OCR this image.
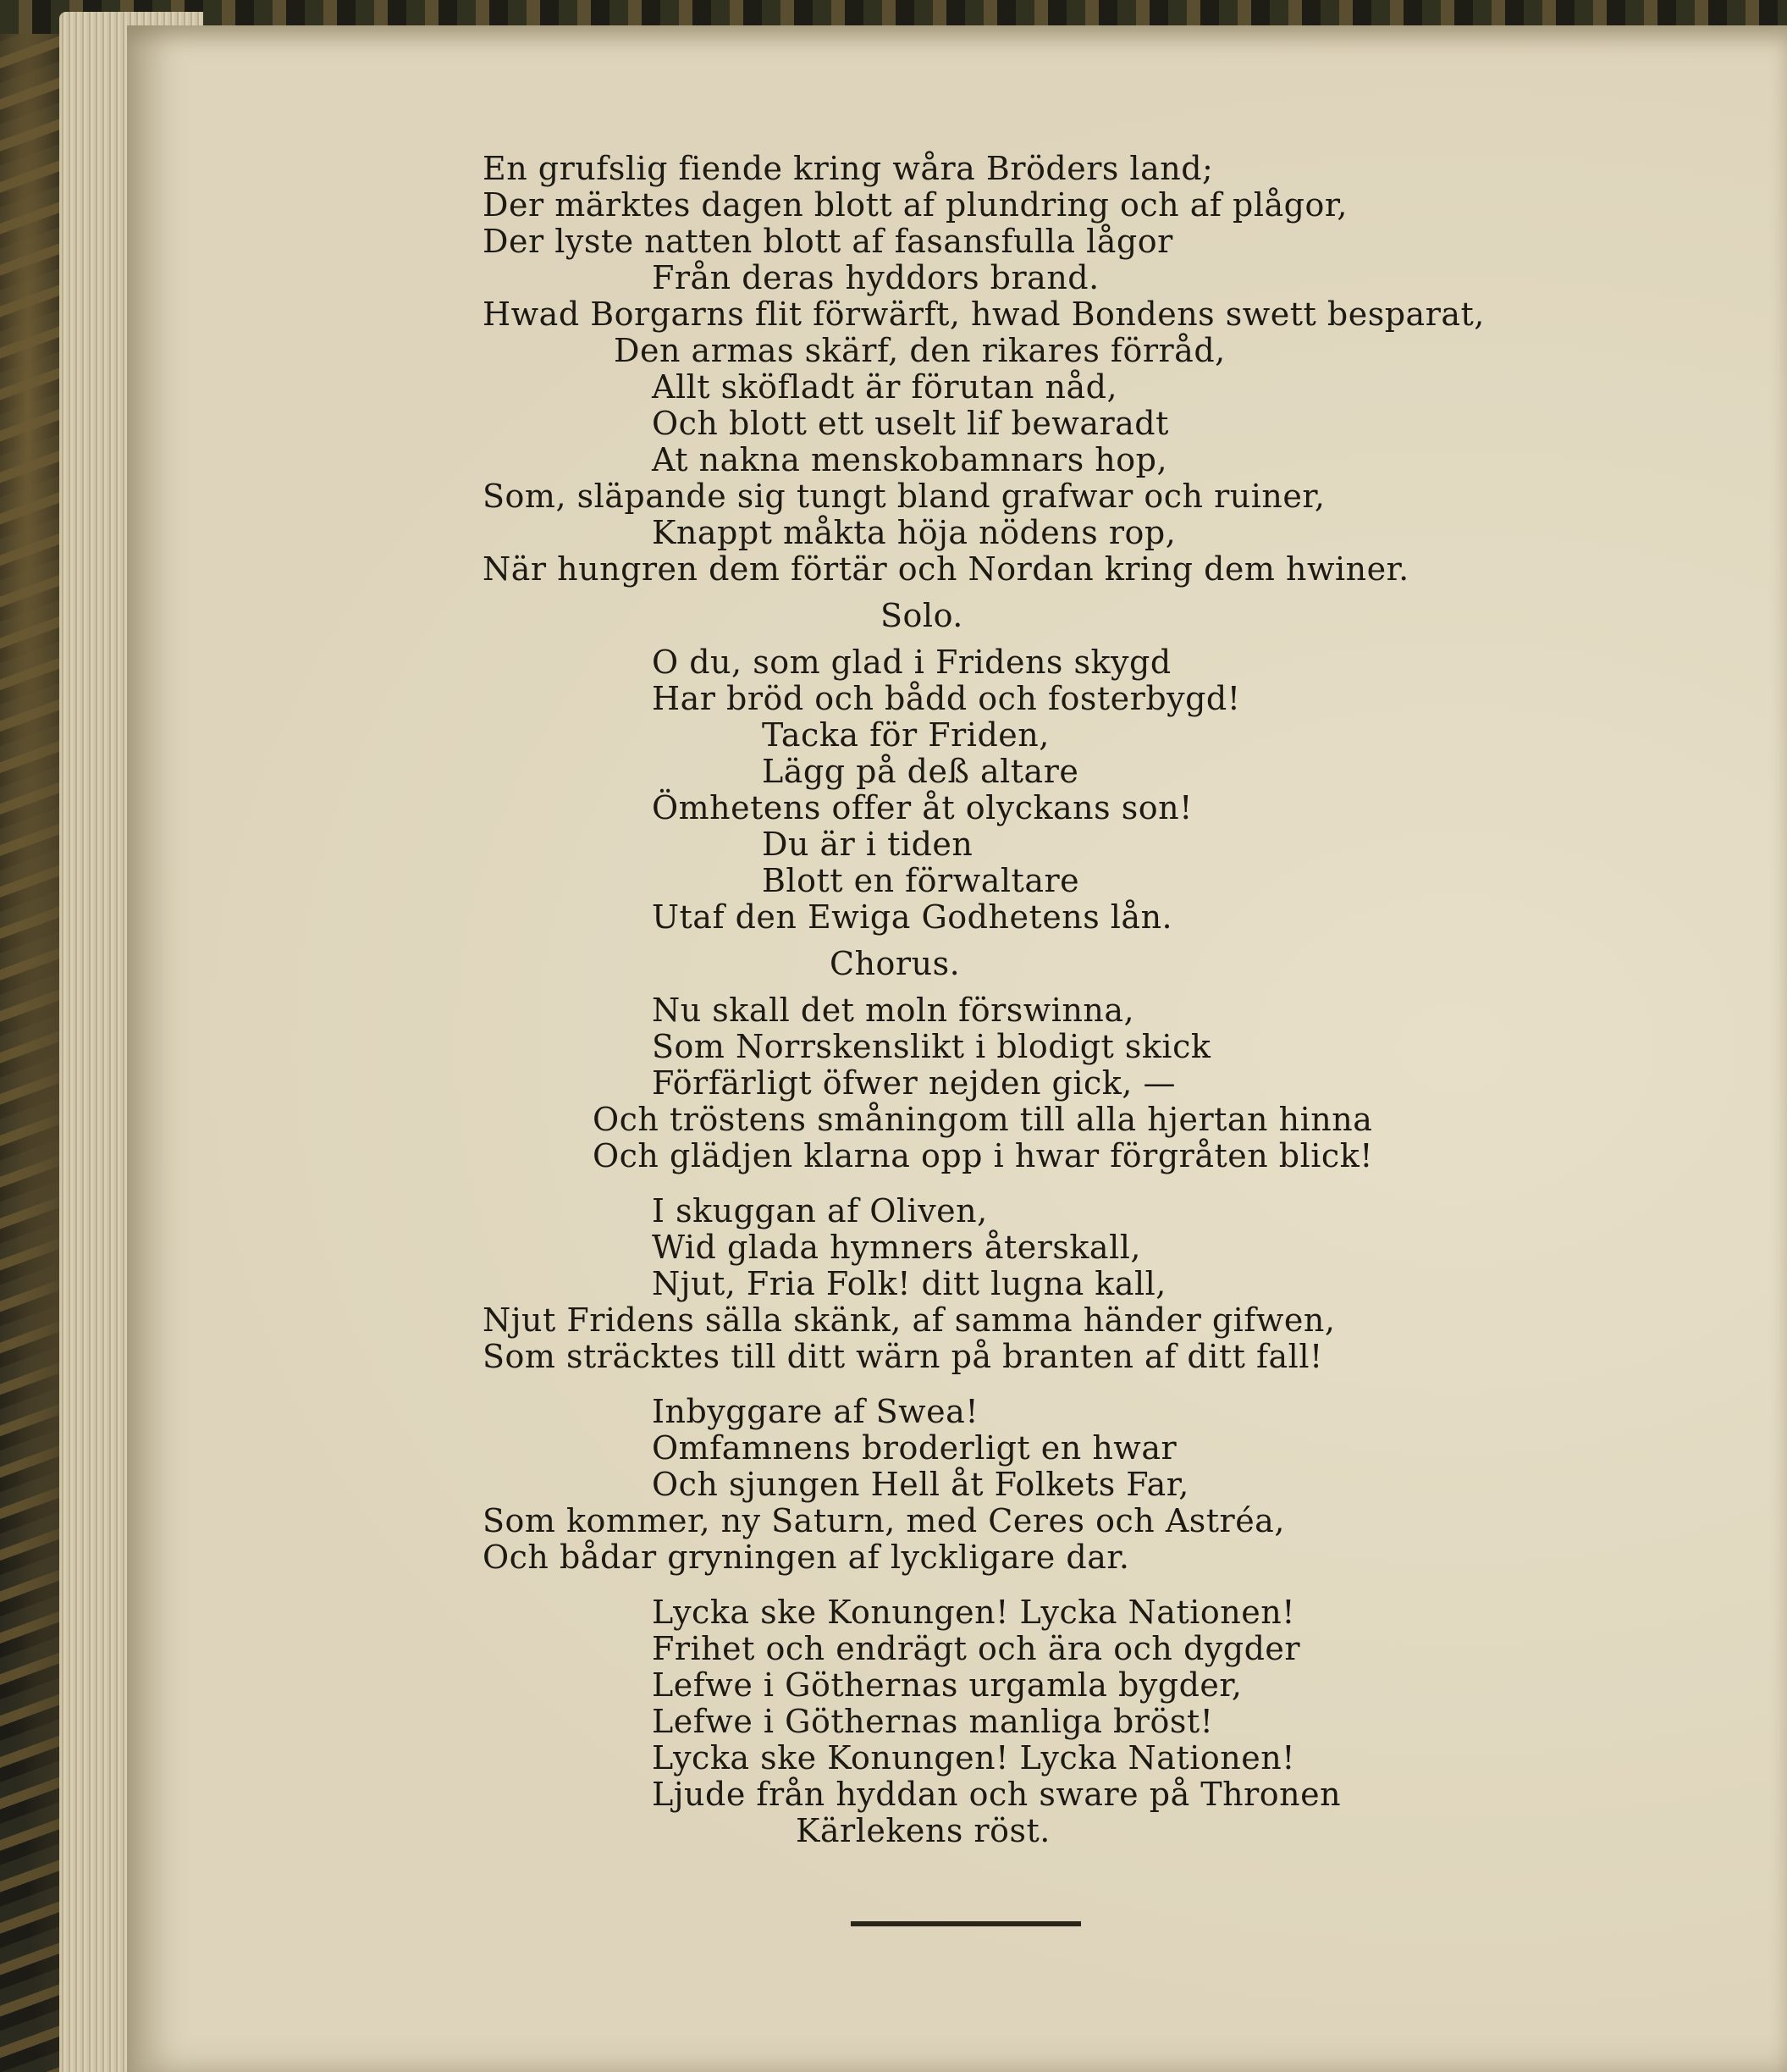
En grufslig fiende kring wåra Bröders land;
Der märktes dagen blott af plundring och af plågor,
Der lyste natten blott af fasansfulla lågor
Från deras hyddors brand.
Hwad Borgarns flit förwärft, hwad Bondens swett besparat,
Den armas skärf, den rikares förråd,
Allt sköfladt är förutan nåd,
Och blott ett uselt lif bewaradt
At nakna menskobamnars hop,
Som, släpande sig tungt bland grafwar och ruiner,
Knappt måkta höja nödens rop,
När hungren dem förtär och Nordan kring dem hwiner.
Solo.
O du, som glad i Fridens skygd
Har bröd och bådd och fosterbygd!
Tacka för Friden,
Lägg på deß altare
Ömhetens offer åt olyckans son!
Du är i tiden
Blott en förwaltare
Utaf den Ewiga Godhetens lån.
Chorus.
Nu skall det moln förswinna,
Som Norrskenslikt i blodigt skick
Förfärligt öfwer nejden gick, —
Och tröstens småningom till alla hjertan hinna
Och glädjen klarna opp i hwar förgråten blick!
I skuggan af Oliven,
Wid glada hymners återskall,
Njut, Fria Folk! ditt lugna kall,
Njut Fridens sälla skänk, af samma händer gifwen,
Som sträcktes till ditt wärn på branten af ditt fall!
Inbyggare af Swea!
Omfamnens broderligt en hwar
Och sjungen Hell åt Folkets Far,
Som kommer, ny Saturn, med Ceres och Astréa,
Och bådar gryningen af lyckligare dar.
Lycka ske Konungen! Lycka Nationen!
Frihet och endrägt och ära och dygder
Lefwe i Göthernas urgamla bygder,
Lefwe i Göthernas manliga bröst!
Lycka ske Konungen! Lycka Nationen!
Ljude från hyddan och sware på Thronen
Kärlekens röst.
